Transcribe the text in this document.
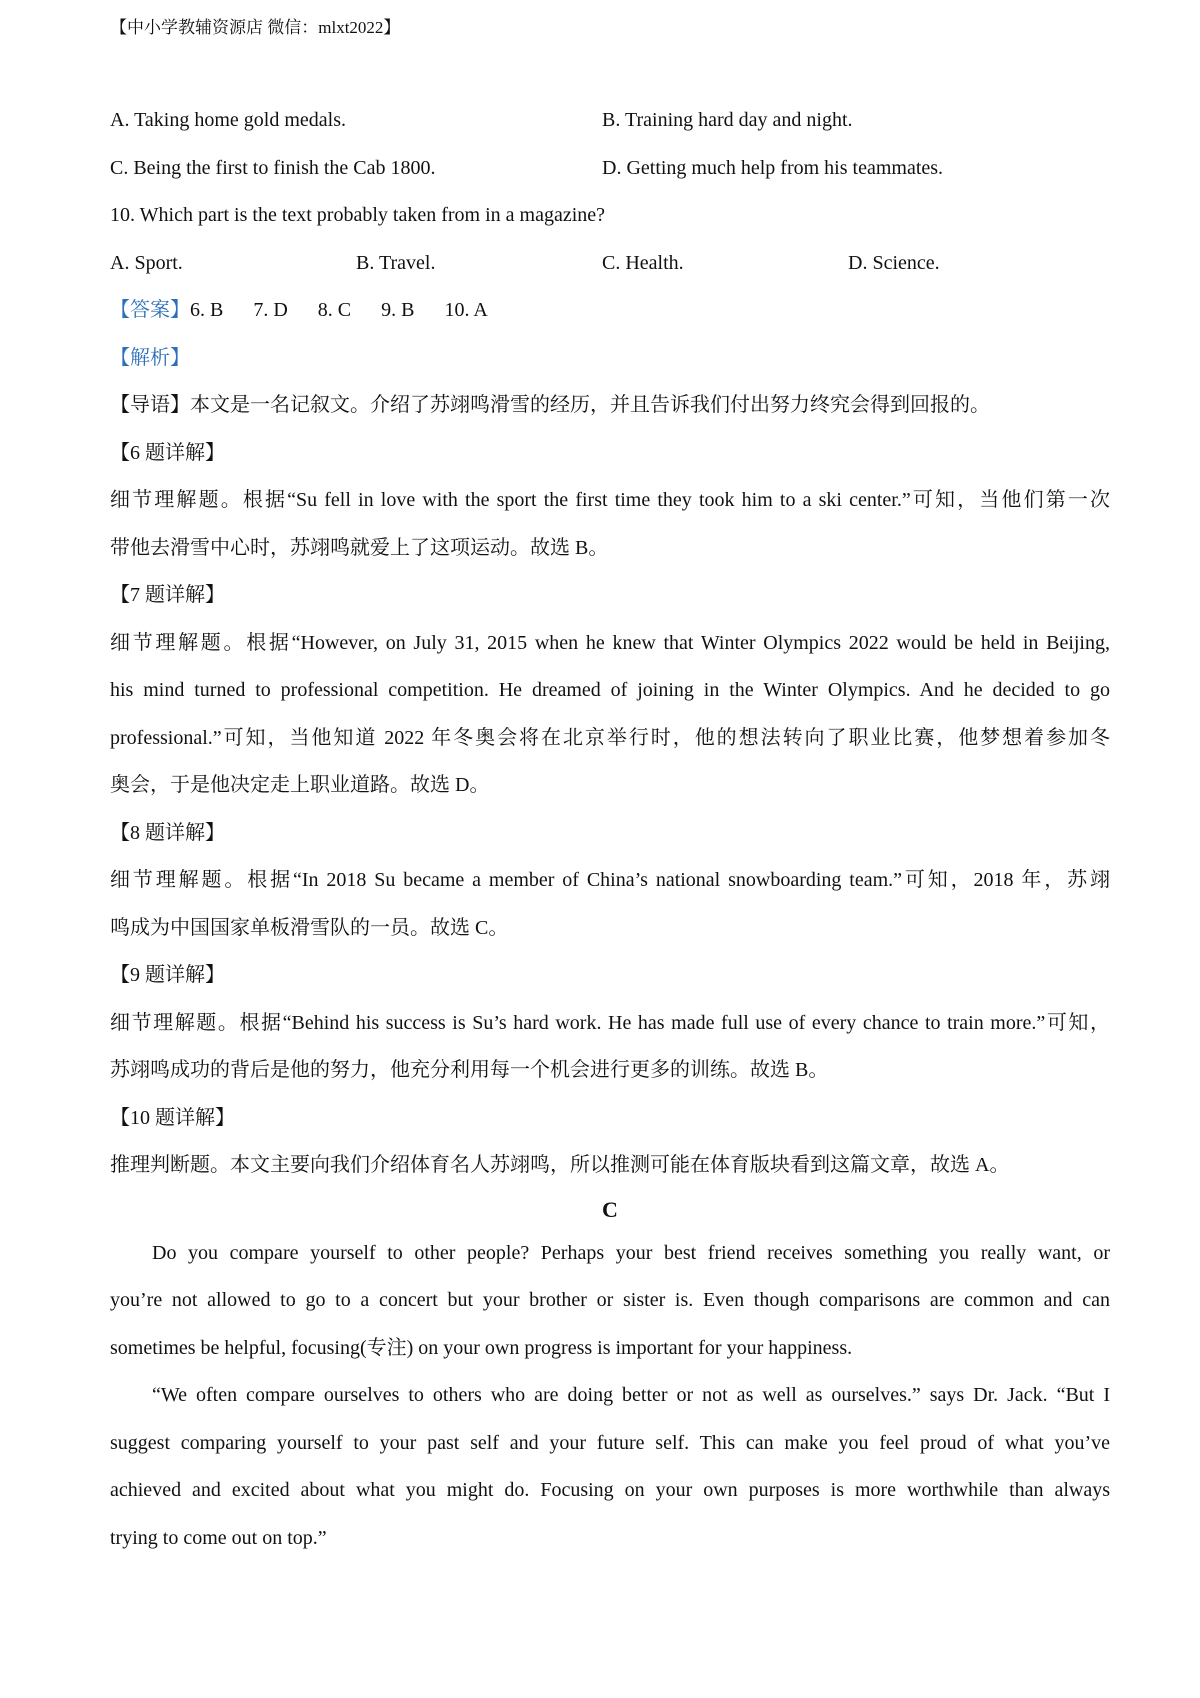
【中小学教辅资源店 微信：mlxt2022】
A. Taking home gold medals.	B. Training hard day and night.
C. Being the first to finish the Cab 1800.	D. Getting much help from his teammates.
10. Which part is the text probably taken from in a magazine?
A. Sport.	B. Travel.	C. Health.	D. Science.
【答案】6. B 7. D 8. C 9. B 10. A
【解析】
【导语】本文是一名记叙文。介绍了苏翊鸣滑雪的经历，并且告诉我们付出努力终究会得到回报的。
【6 题详解】
细节理解题。根据“Su fell in love with the sport the first time they took him to a ski center.”可知，当他们第一次
带他去滑雪中心时，苏翊鸣就爱上了这项运动。故选 B。
【7 题详解】
细节理解题。根据“However, on July 31, 2015 when he knew that Winter Olympics 2022 would be held in Beijing,
his mind turned to professional competition. He dreamed of joining in the Winter Olympics. And he decided to go
professional.”可知，当他知道 2022 年冬奥会将在北京举行时，他的想法转向了职业比赛，他梦想着参加冬
奥会，于是他决定走上职业道路。故选 D。
【8 题详解】
细节理解题。根据“In 2018 Su became a member of China’s national snowboarding team.”可知，2018 年，苏翊
鸣成为中国国家单板滑雪队的一员。故选 C。
【9 题详解】
细节理解题。根据“Behind his success is Su’s hard work. He has made full use of every chance to train more.”可知，
苏翊鸣成功的背后是他的努力，他充分利用每一个机会进行更多的训练。故选 B。
【10 题详解】
推理判断题。本文主要向我们介绍体育名人苏翊鸣，所以推测可能在体育版块看到这篇文章，故选 A。
C
Do you compare yourself to other people? Perhaps your best friend receives something you really want, or
you’re not allowed to go to a concert but your brother or sister is. Even though comparisons are common and can
sometimes be helpful, focusing(专注) on your own progress is important for your happiness.
“We often compare ourselves to others who are doing better or not as well as ourselves.” says Dr. Jack. “But I
suggest comparing yourself to your past self and your future self. This can make you feel proud of what you’ve
achieved and excited about what you might do. Focusing on your own purposes is more worthwhile than always
trying to come out on top.”
